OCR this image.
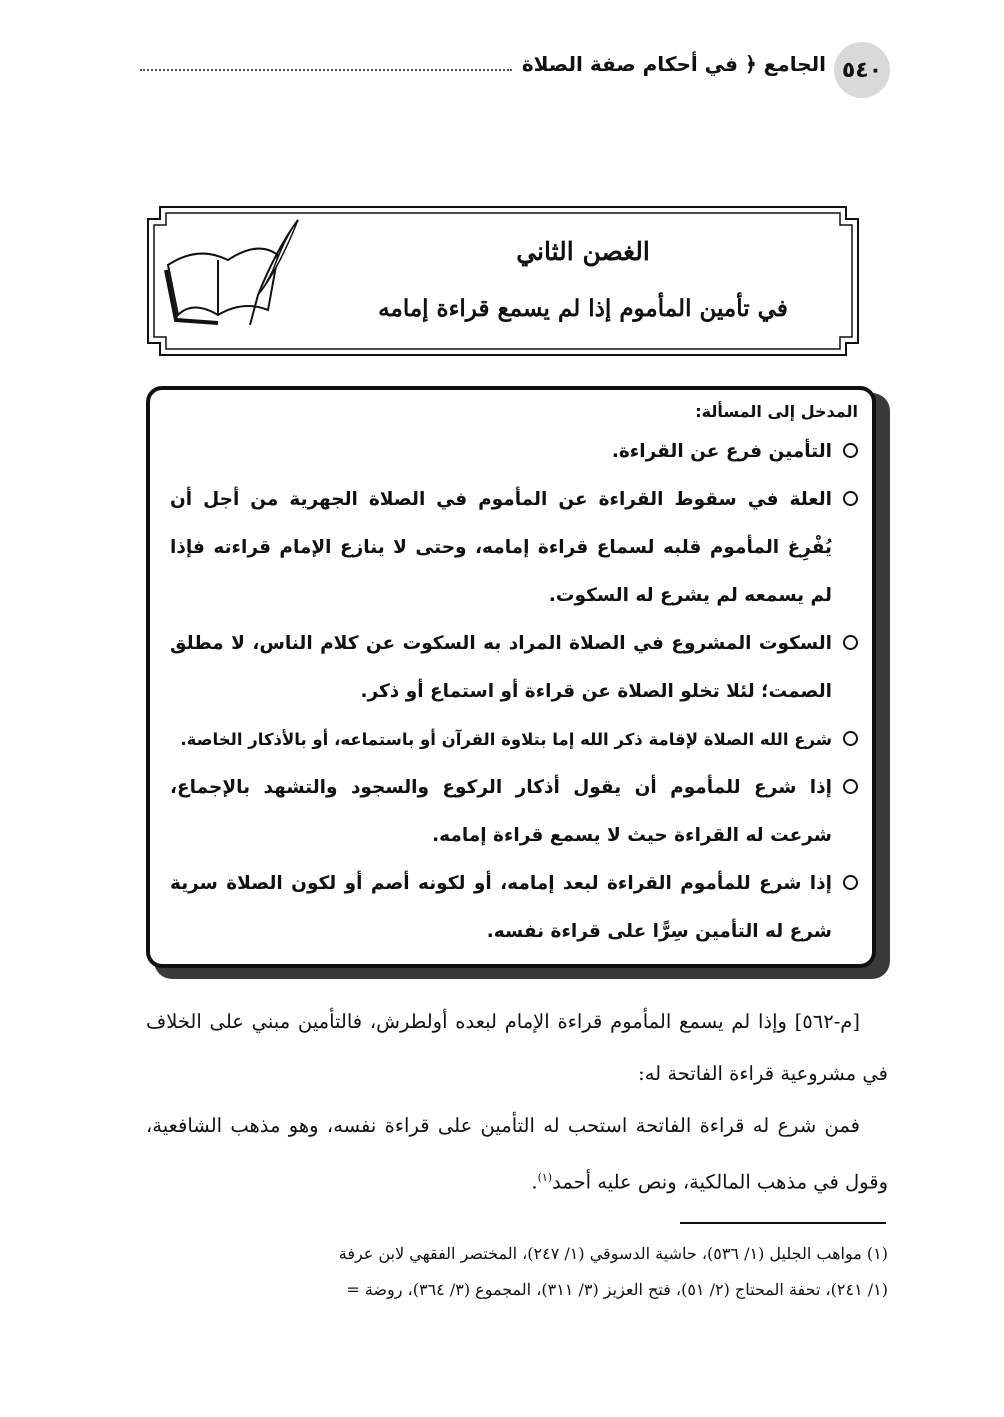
٥٤٠
الجامع ﴿ في أحكام صفة الصلاة
الغصن الثاني
في تأمين المأموم إذا لم يسمع قراءة إمامه
المدخل إلى المسألة:
التأمين فرع عن القراءة.
العلة في سقوط القراءة عن المأموم في الصلاة الجهرية من أجل أن يُفْرِغ المأموم قلبه لسماع قراءة إمامه، وحتى لا ينازع الإمام قراءته فإذا لم يسمعه لم يشرع له السكوت.
السكوت المشروع في الصلاة المراد به السكوت عن كلام الناس، لا مطلق الصمت؛ لئلا تخلو الصلاة عن قراءة أو استماع أو ذكر.
شرع الله الصلاة لإقامة ذكر الله إما بتلاوة القرآن أو باستماعه، أو بالأذكار الخاصة.
إذا شرع للمأموم أن يقول أذكار الركوع والسجود والتشهد بالإجماع، شرعت له القراءة حيث لا يسمع قراءة إمامه.
إذا شرع للمأموم القراءة لبعد إمامه، أو لكونه أصم أو لكون الصلاة سرية شرع له التأمين سِرًّا على قراءة نفسه.

[م-٥٦٢] وإذا لم يسمع المأموم قراءة الإمام لبعده أولطرش، فالتأمين مبني على الخلاف في مشروعية قراءة الفاتحة له:

فمن شرع له قراءة الفاتحة استحب له التأمين على قراءة نفسه، وهو مذهب الشافعية، وقول في مذهب المالكية، ونص عليه أحمد$^{(١)}$.

(١) مواهب الجليل (١/ ٥٣٦)، حاشية الدسوقي (١/ ٢٤٧)، المختصر الفقهي لابن عرفة

(١/ ٢٤١)، تحفة المحتاج (٢/ ٥١)، فتح العزيز (٣/ ٣١١)، المجموع (٣/ ٣٦٤)، روضة =
